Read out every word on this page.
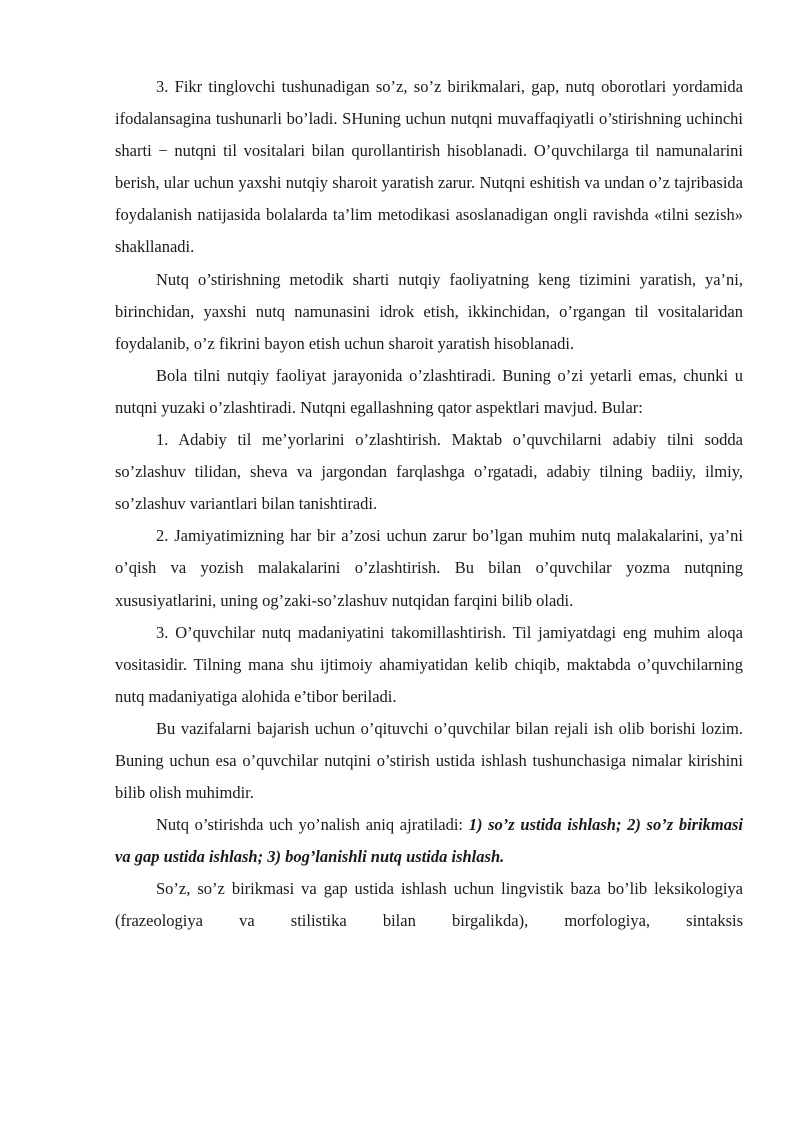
3. Fikr tinglovchi tushunadigan so’z, so’z birikmalari, gap, nutq oborotlari yordamida ifodalansagina tushunarli bo’ladi. SHuning uchun nutqni muvaffaqiyatli o’stirishning uchinchi sharti − nutqni til vositalari bilan qurollantirish hisoblanadi. O’quvchilarga til namunalarini berish, ular uchun yaxshi nutqiy sharoit yaratish zarur. Nutqni eshitish va undan o’z tajribasida foydalanish natijasida bolalarda ta’lim metodikasi asoslanadigan ongli ravishda «tilni sezish» shakllanadi.

Nutq o’stirishning metodik sharti nutqiy faoliyatning keng tizimini yaratish, ya’ni, birinchidan, yaxshi nutq namunasini idrok etish, ikkinchidan, o’rgangan til vositalaridan foydalanib, o’z fikrini bayon etish uchun sharoit yaratish hisoblanadi.

Bola tilni nutqiy faoliyat jarayonida o’zlashtiradi. Buning o’zi yetarli emas, chunki u nutqni yuzaki o’zlashtiradi. Nutqni egallashning qator aspektlari mavjud. Bular:

1. Adabiy til me’yorlarini o’zlashtirish. Maktab o’quvchilarni adabiy tilni sodda so’zlashuv tilidan, sheva va jargondan farqlashga o’rgatadi, adabiy tilning badiiy, ilmiy, so’zlashuv variantlari bilan tanishtiradi.

2. Jamiyatimizning har bir a’zosi uchun zarur bo’lgan muhim nutq malakalarini, ya’ni o’qish va yozish malakalarini o’zlashtirish. Bu bilan o’quvchilar yozma nutqning xususiyatlarini, uning og’zaki-so’zlashuv nutqidan farqini bilib oladi.

3. O’quvchilar nutq madaniyatini takomillashtirish. Til jamiyatdagi eng muhim aloqa vositasidir. Tilning mana shu ijtimoiy ahamiyatidan kelib chiqib, maktabda o’quvchilarning nutq madaniyatiga alohida e’tibor beriladi.

Bu vazifalarni bajarish uchun o’qituvchi o’quvchilar bilan rejali ish olib borishi lozim. Buning uchun esa o’quvchilar nutqini o’stirish ustida ishlash tushunchasiga nimalar kirishini bilib olish muhimdir.

Nutq o’stirishda uch yo’nalish aniq ajratiladi: 1) so’z ustida ishlash; 2) so’z birikmasi va gap ustida ishlash; 3) bog’lanishli nutq ustida ishlash.

So’z, so’z birikmasi va gap ustida ishlash uchun lingvistik baza bo’lib leksikologiya (frazeologiya va stilistika bilan birgalikda), morfologiya, sintaksis
